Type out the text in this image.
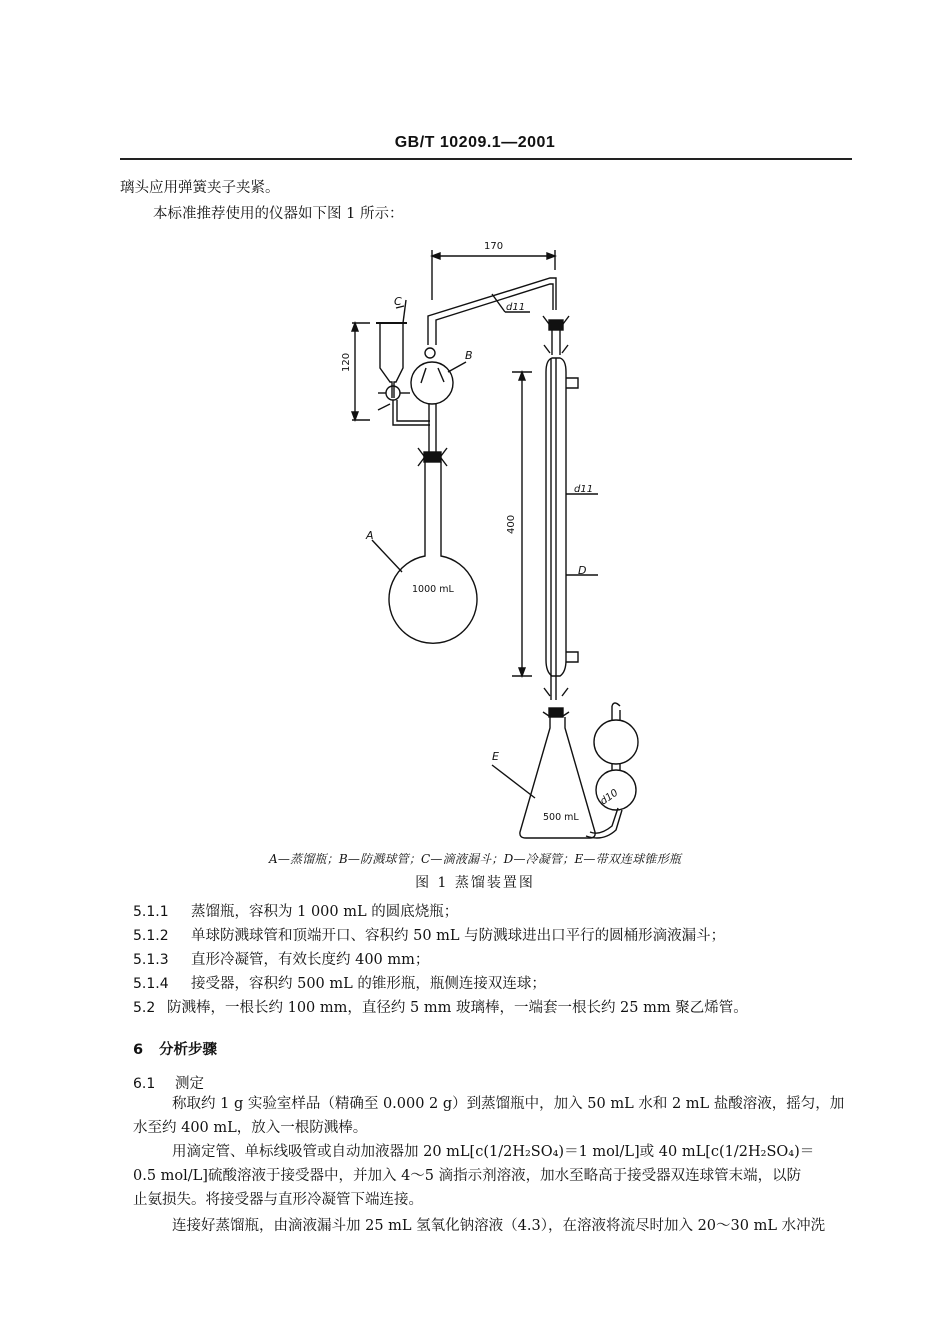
GB/T 10209.1—2001
璃头应用弹簧夹子夹紧。
本标准推荐使用的仪器如下图 1 所示：
170
120
400
A
B
C
D
E
d11
d11
d10
1000 mL
500 mL
A—蒸馏瓶；B—防溅球管；C—滴液漏斗；D—冷凝管；E—带双连球锥形瓶
图 1 蒸馏装置图
5.1.1 蒸馏瓶，容积为 1 000 mL 的圆底烧瓶；
5.1.2 单球防溅球管和顶端开口、容积约 50 mL 与防溅球进出口平行的圆桶形滴液漏斗；
5.1.3 直形冷凝管，有效长度约 400 mm；
5.1.4 接受器，容积约 500 mL 的锥形瓶，瓶侧连接双连球；
5.2 防溅棒，一根长约 100 mm，直径约 5 mm 玻璃棒，一端套一根长约 25 mm 聚乙烯管。
6 分析步骤
6.1 测定
称取约 1 g 实验室样品（精确至 0.000 2 g）到蒸馏瓶中，加入 50 mL 水和 2 mL 盐酸溶液，摇匀，加
水至约 400 mL，放入一根防溅棒。
用滴定管、单标线吸管或自动加液器加 20 mL[c(1/2H₂SO₄)＝1 mol/L]或 40 mL[c(1/2H₂SO₄)＝
0.5 mol/L]硫酸溶液于接受器中，并加入 4～5 滴指示剂溶液，加水至略高于接受器双连球管末端，以防
止氨损失。将接受器与直形冷凝管下端连接。
连接好蒸馏瓶，由滴液漏斗加 25 mL 氢氧化钠溶液（4.3），在溶液将流尽时加入 20～30 mL 水冲洗
